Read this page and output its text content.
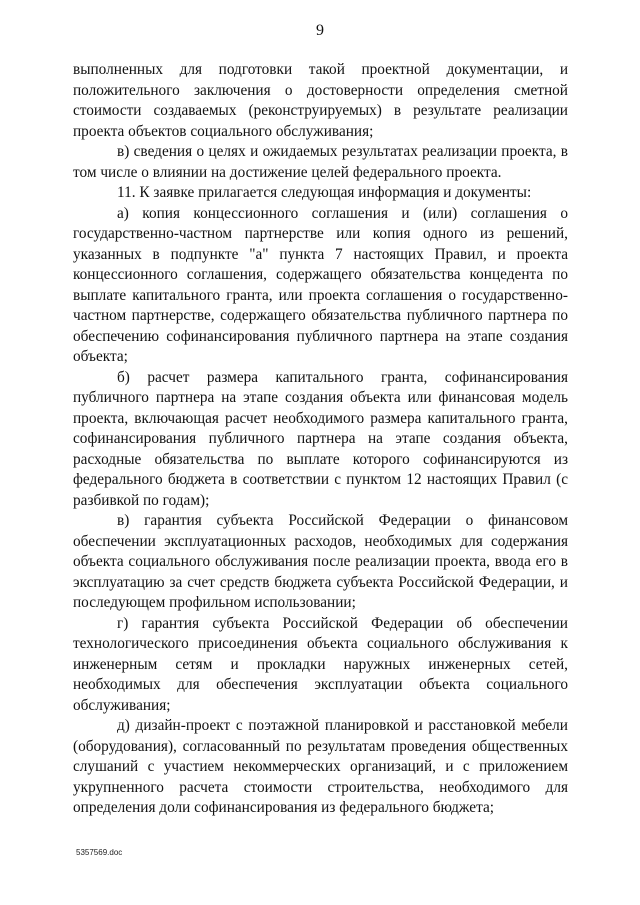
9

выполненных для подготовки такой проектной документации, и положительного заключения о достоверности определения сметной стоимости создаваемых (реконструируемых) в результате реализации проекта объектов социального обслуживания;

в) сведения о целях и ожидаемых результатах реализации проекта, в том числе о влиянии на достижение целей федерального проекта.

11. К заявке прилагается следующая информация и документы:

а) копия концессионного соглашения и (или) соглашения о государственно-частном партнерстве или копия одного из решений, указанных в подпункте "а" пункта 7 настоящих Правил, и проекта концессионного соглашения, содержащего обязательства концедента по выплате капитального гранта, или проекта соглашения о государственно-частном партнерстве, содержащего обязательства публичного партнера по обеспечению софинансирования публичного партнера на этапе создания объекта;

б) расчет размера капитального гранта, софинансирования публичного партнера на этапе создания объекта или финансовая модель проекта, включающая расчет необходимого размера капитального гранта, софинансирования публичного партнера на этапе создания объекта, расходные обязательства по выплате которого софинансируются из федерального бюджета в соответствии с пунктом 12 настоящих Правил (с разбивкой по годам);

в) гарантия субъекта Российской Федерации о финансовом обеспечении эксплуатационных расходов, необходимых для содержания объекта социального обслуживания после реализации проекта, ввода его в эксплуатацию за счет средств бюджета субъекта Российской Федерации, и последующем профильном использовании;

г) гарантия субъекта Российской Федерации об обеспечении технологического присоединения объекта социального обслуживания к инженерным сетям и прокладки наружных инженерных сетей, необходимых для обеспечения эксплуатации объекта социального обслуживания;

д) дизайн-проект с поэтажной планировкой и расстановкой мебели (оборудования), согласованный по результатам проведения общественных слушаний с участием некоммерческих организаций, и с приложением укрупненного расчета стоимости строительства, необходимого для определения доли софинансирования из федерального бюджета;

5357569.doc
